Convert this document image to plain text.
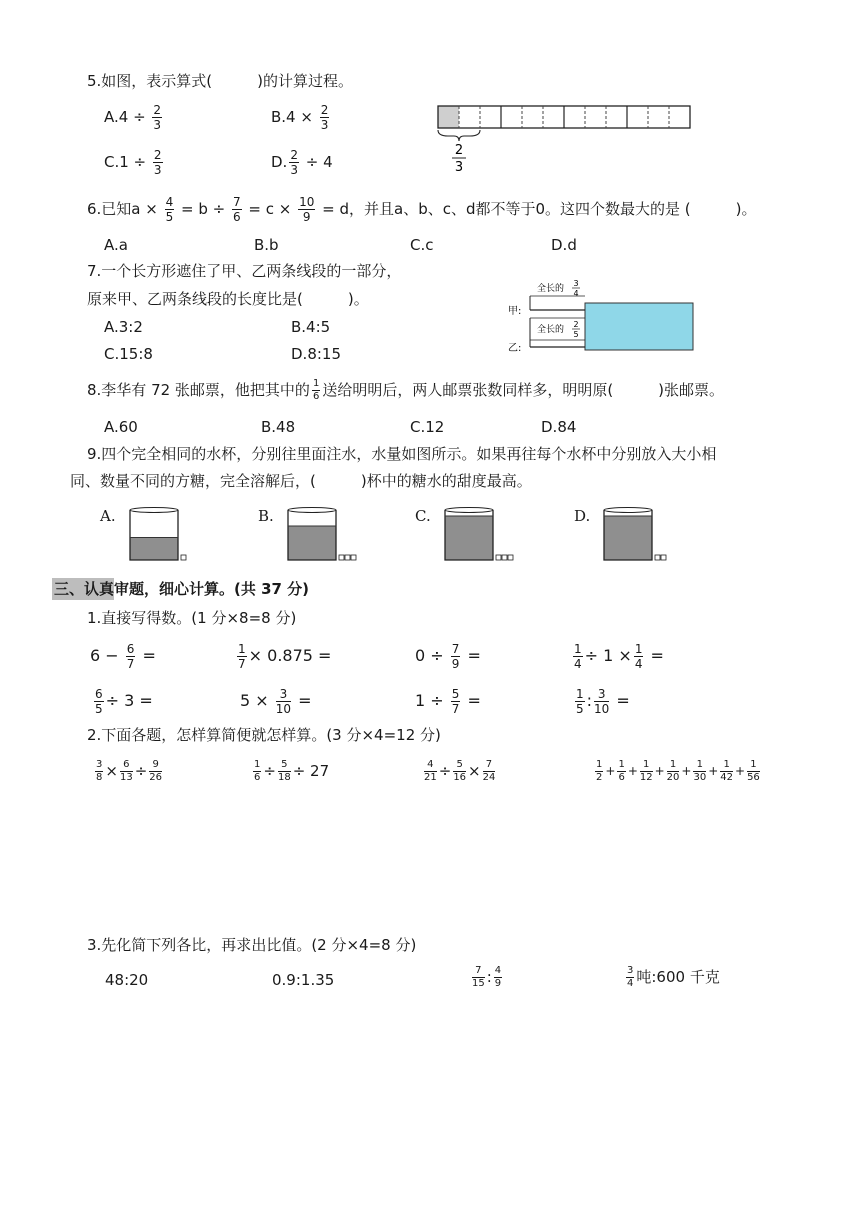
5.如图，表示算式(　　　)的计算过程。
$A.4 \div \frac{2}{3}$	$B.4 \times \frac{2}{3}$
$C.1 \div \frac{2}{3}$	D. $\frac{2}{3} \div 4$
2
3
6.已知$a \times \frac{4}{5} = b \div \frac{7}{6} = c \times \frac{10}{9} = d$，并且a、b、c、d都不等于0。这四个数最大的是 (　　　)。
A.a	B.b	C.c	D.d
7.一个长方形遮住了甲、乙两条线段的一部分，
原来甲、乙两条线段的长度比是(　　　)。
A.3:2	B.4:5
C.15:8	D.8:15
甲:
全长的
3
4
乙:
全长的
2
5
8.李华有 72 张邮票，他把其中的 $\frac{1}{6}$ 送给明明后，两人邮票张数同样多，明明原(　　　)张邮票。
A.60	B.48	C.12	D.84
9.四个完全相同的水杯，分别往里面注水，水量如图所示。如果再往每个水杯中分别放入大小相
同、数量不同的方糖，完全溶解后，(　　　)杯中的糖水的甜度最高。
A.	B.	C.	D.
三、认真审题，细心计算。(共 37 分)
1.直接写得数。(1 分×8=8 分)
$6 - \frac{6}{7}$ =	$\frac{1}{7} \times 0.875$ =	$0 \div \frac{7}{9}$ =	$\frac{1}{4} \div 1 \times \frac{1}{4}$ =
$\frac{6}{5} \div 3$ =	$5 \times \frac{3}{10}$ =	$1 \div \frac{5}{7}$ =	$\frac{1}{5}$ : $\frac{3}{10}$ =
2.下面各题，怎样算简便就怎样算。(3 分×4=12 分)
$\frac{3}{8} \times \frac{6}{13} \div \frac{9}{26}$	$\frac{1}{6} \div \frac{5}{18} \div 27$	$\frac{4}{21} \div \frac{5}{16} \times \frac{7}{24}$	$\frac{1}{2} + \frac{1}{6} + \frac{1}{12} + \frac{1}{20} + \frac{1}{30} + \frac{1}{42} + \frac{1}{56}$
3.先化简下列各比，再求出比值。(2 分×4=8 分)
48:20	0.9:1.35	$\frac{7}{15}$ : $\frac{4}{9}$	$\frac{3}{4}$ 吨:600 千克
